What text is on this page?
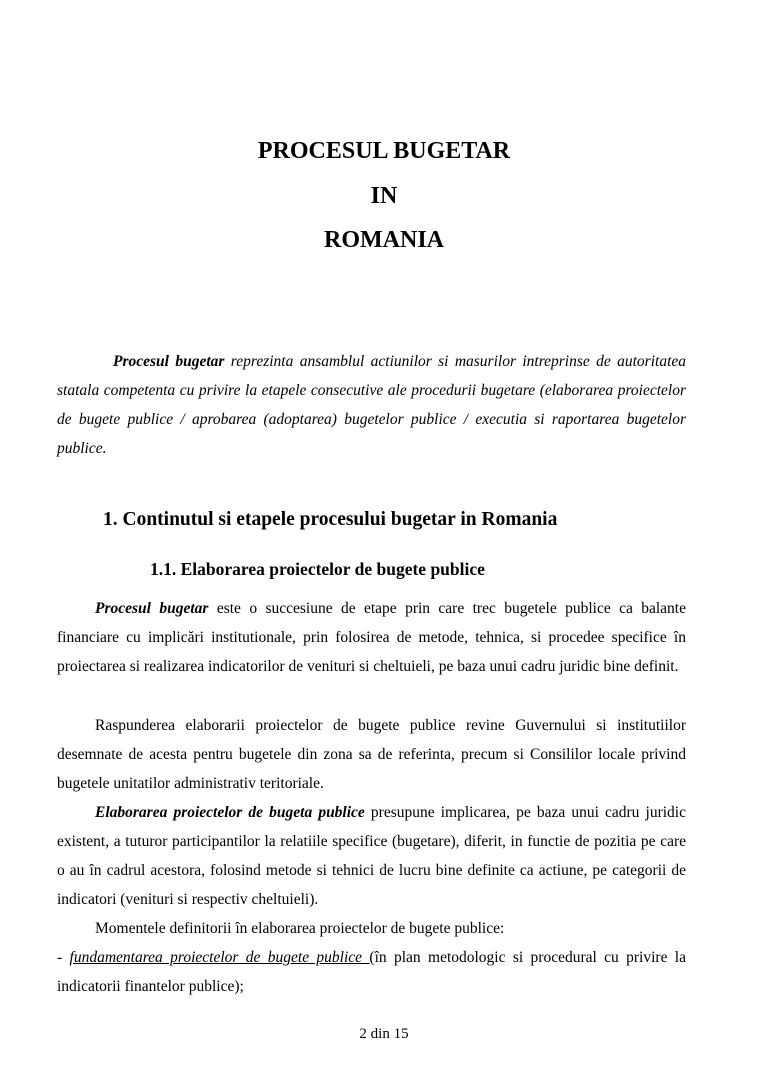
PROCESUL BUGETAR
IN
ROMANIA

Procesul bugetar reprezinta ansamblul actiunilor si masurilor intreprinse de autoritatea statala competenta cu privire la etapele consecutive ale procedurii bugetare (elaborarea proiectelor de bugete publice / aprobarea (adoptarea) bugetelor publice / executia si raportarea bugetelor publice.

1. Continutul si etapele procesului bugetar in Romania
1.1. Elaborarea proiectelor de bugete publice

Procesul bugetar este o succesiune de etape prin care trec bugetele publice ca balante financiare cu implicări institutionale, prin folosirea de metode, tehnica, si procedee specifice în proiectarea si realizarea indicatorilor de venituri si cheltuieli, pe baza unui cadru juridic bine definit.

Raspunderea elaborarii proiectelor de bugete publice revine Guvernului si institutiilor desemnate de acesta pentru bugetele din zona sa de referinta, precum si Consililor locale privind bugetele unitatilor administrativ teritoriale.

Elaborarea proiectelor de bugeta publice presupune implicarea, pe baza unui cadru juridic existent, a tuturor participantilor la relatiile specifice (bugetare), diferit, in functie de pozitia pe care o au în cadrul acestora, folosind metode si tehnici de lucru bine definite ca actiune, pe categorii de indicatori (venituri si respectiv cheltuieli).

Momentele definitorii în elaborarea proiectelor de bugete publice:

- fundamentarea proiectelor de bugete publice (în plan metodologic si procedural cu privire la indicatorii finantelor publice);

2 din 15
